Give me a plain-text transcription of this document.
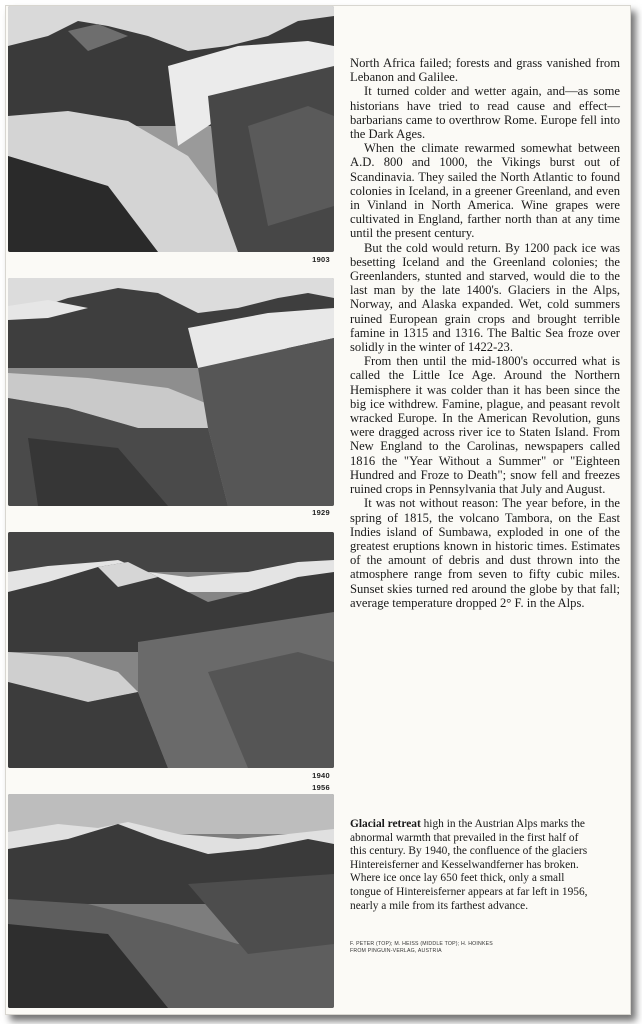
1903
1929
1940
1956

North Africa failed; forests and grass vanished from Lebanon and Galilee.

It turned colder and wetter again, and—as some historians have tried to read cause and effect—barbarians came to overthrow Rome. Europe fell into the Dark Ages.

When the climate rewarmed somewhat between A.D. 800 and 1000, the Vikings burst out of Scandinavia. They sailed the North Atlantic to found colonies in Iceland, in a greener Greenland, and even in Vinland in North America. Wine grapes were cultivated in England, farther north than at any time until the present century.

But the cold would return. By 1200 pack ice was besetting Iceland and the Greenland colonies; the Greenlanders, stunted and starved, would die to the last man by the late 1400's. Glaciers in the Alps, Norway, and Alaska expanded. Wet, cold summers ruined European grain crops and brought terrible famine in 1315 and 1316. The Baltic Sea froze over solidly in the winter of 1422-23.

From then until the mid-1800's occurred what is called the Little Ice Age. Around the Northern Hemisphere it was colder than it has been since the big ice withdrew. Famine, plague, and peasant revolt wracked Europe. In the American Revolution, guns were dragged across river ice to Staten Island. From New England to the Carolinas, newspapers called 1816 the "Year Without a Summer" or "Eighteen Hundred and Froze to Death"; snow fell and freezes ruined crops in Pennsylvania that July and August.

It was not without reason: The year before, in the spring of 1815, the volcano Tambora, on the East Indies island of Sumbawa, exploded in one of the greatest eruptions known in historic times. Estimates of the amount of debris and dust thrown into the atmosphere range from seven to fifty cubic miles. Sunset skies turned red around the globe by that fall; average temperature dropped 2° F. in the Alps.

Glacial retreat high in the Austrian Alps marks the abnormal warmth that prevailed in the first half of this century. By 1940, the confluence of the glaciers Hintereisferner and Kesselwandferner has broken. Where ice once lay 650 feet thick, only a small tongue of Hintereisferner appears at far left in 1956, nearly a mile from its farthest advance.
F. PETER (TOP); M. HEISS (MIDDLE TOP); H. HOINKES
FROM PINGUIN-VERLAG, AUSTRIA
